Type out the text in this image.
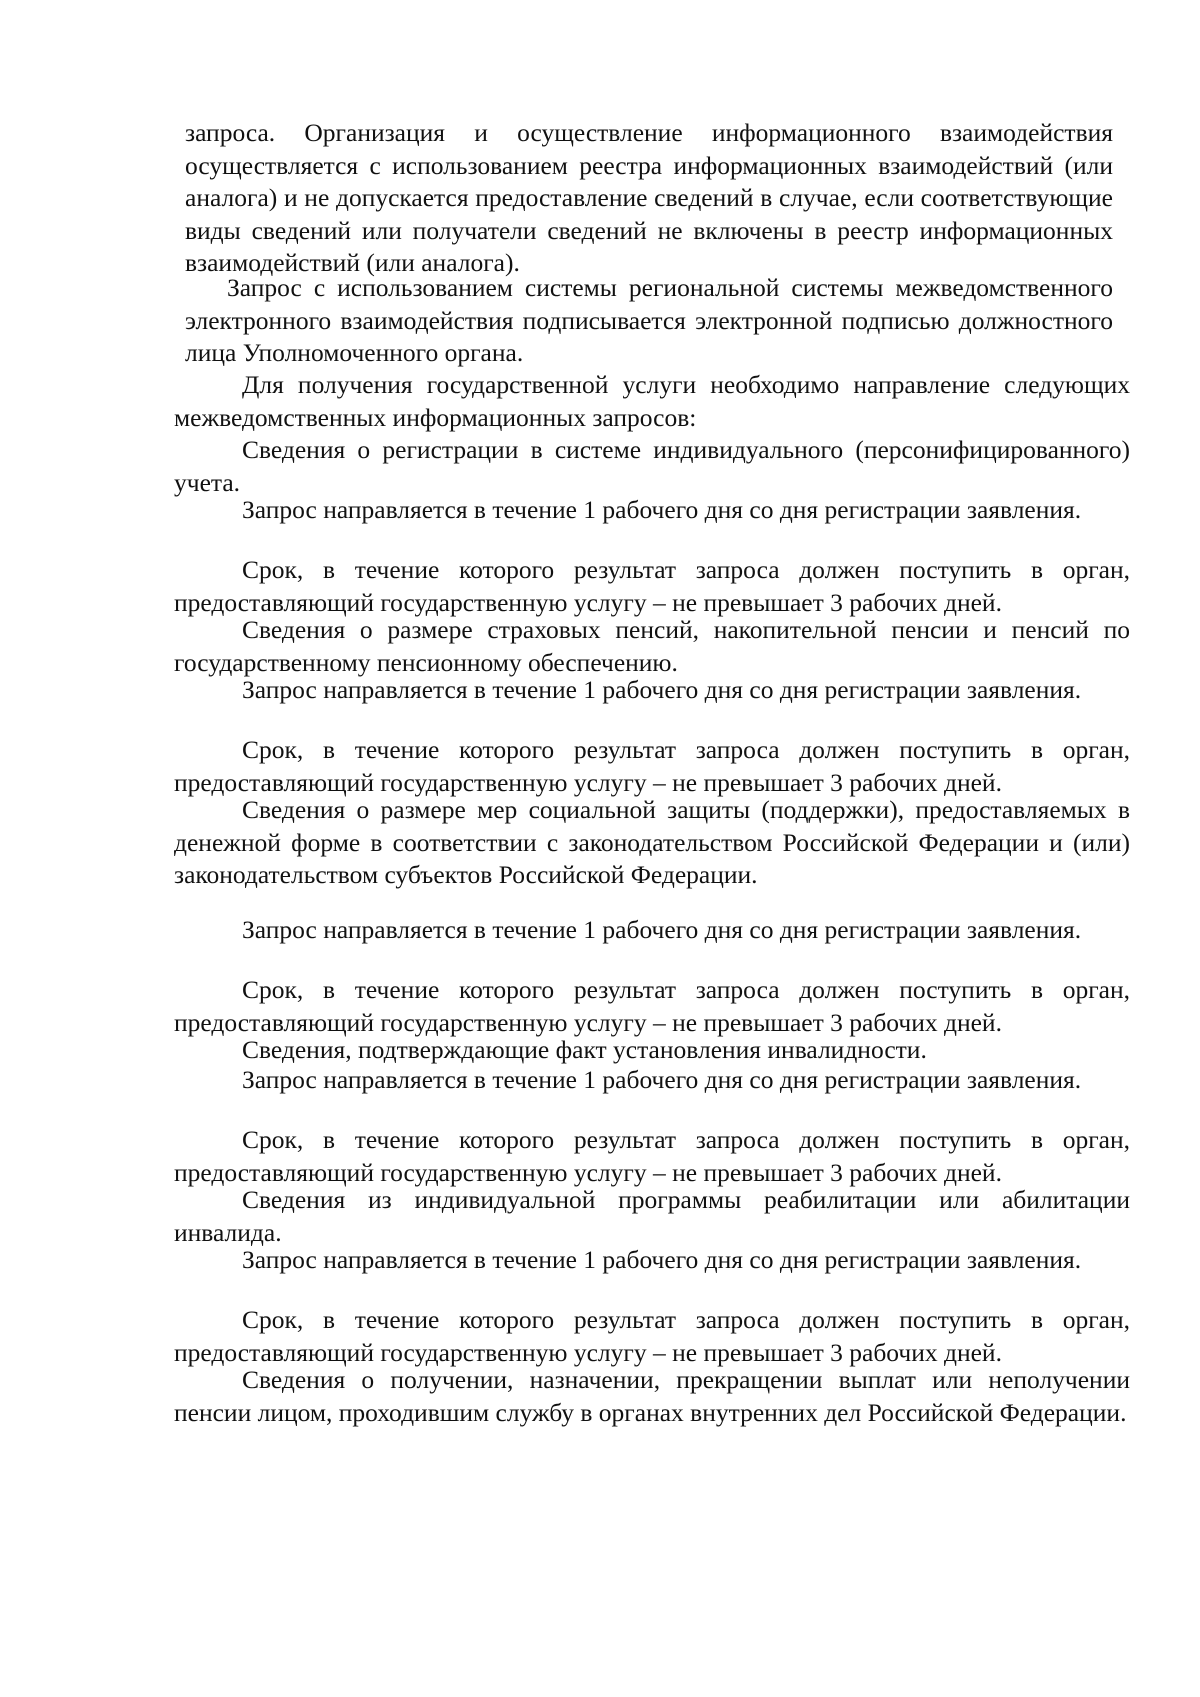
запроса. Организация и осуществление информационного взаимодействия осуществляется с использованием реестра информационных взаимодействий (или аналога) и не допускается предоставление сведений в случае, если соответствующие виды сведений или получатели сведений не включены в реестр информационных взаимодействий (или аналога).

Запрос с использованием системы региональной системы межведомственного электронного взаимодействия подписывается электронной подписью должностного лица Уполномоченного органа.

Для получения государственной услуги необходимо направление следующих межведомственных информационных запросов:

Сведения о регистрации в системе индивидуального (персонифицированного) учета.

Запрос направляется в течение 1 рабочего дня со дня регистрации заявления.

Срок, в течение которого результат запроса должен поступить в орган, предоставляющий государственную услугу – не превышает 3 рабочих дней.

Сведения о размере страховых пенсий, накопительной пенсии и пенсий по государственному пенсионному обеспечению.

Запрос направляется в течение 1 рабочего дня со дня регистрации заявления.

Срок, в течение которого результат запроса должен поступить в орган, предоставляющий государственную услугу – не превышает 3 рабочих дней.

Сведения о размере мер социальной защиты (поддержки), предоставляемых в денежной форме в соответствии с законодательством Российской Федерации и (или) законодательством субъектов Российской Федерации.

Запрос направляется в течение 1 рабочего дня со дня регистрации заявления.

Срок, в течение которого результат запроса должен поступить в орган, предоставляющий государственную услугу – не превышает 3 рабочих дней.

Сведения, подтверждающие факт установления инвалидности.

Запрос направляется в течение 1 рабочего дня со дня регистрации заявления.

Срок, в течение которого результат запроса должен поступить в орган, предоставляющий государственную услугу – не превышает 3 рабочих дней.

Сведения из индивидуальной программы реабилитации или абилитации инвалида.

Запрос направляется в течение 1 рабочего дня со дня регистрации заявления.

Срок, в течение которого результат запроса должен поступить в орган, предоставляющий государственную услугу – не превышает 3 рабочих дней.

Сведения о получении, назначении, прекращении выплат или неполучении пенсии лицом, проходившим службу в органах внутренних дел Российской Федерации.
